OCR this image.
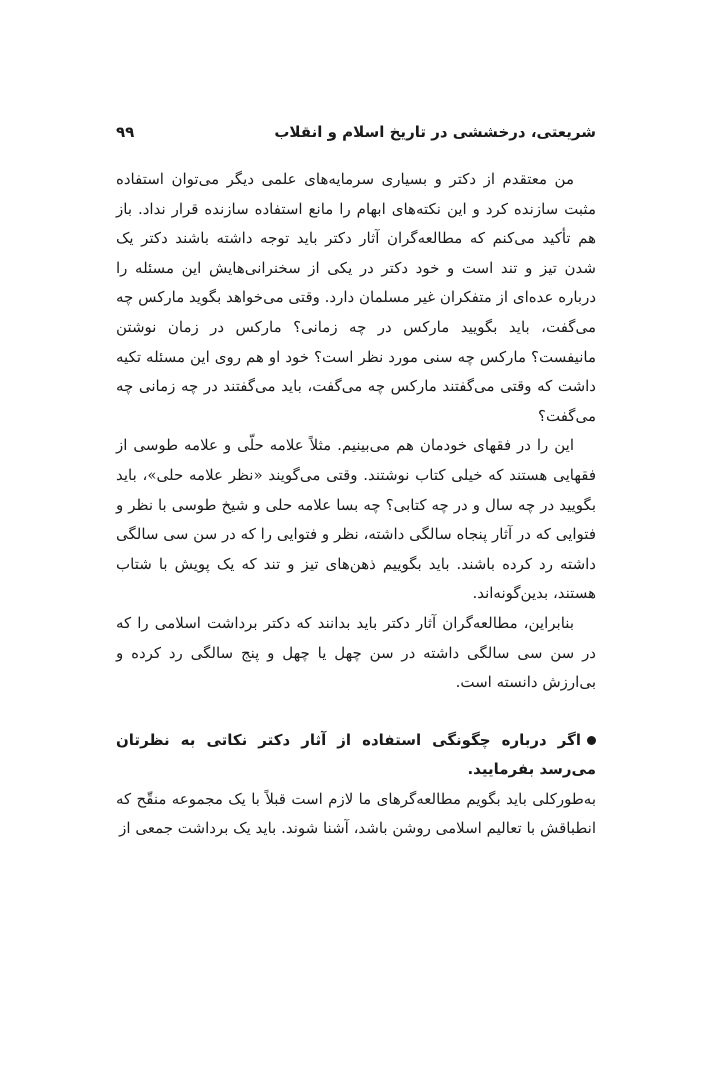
شریعتی، درخششی در تاریخ اسلام و انقلاب
۹۹

من معتقدم از دکتر و بسیاری سرمایه‌های علمی دیگر می‌توان استفاده مثبت سازنده کرد و این نکته‌های ابهام را مانع استفاده سازنده قرار نداد. باز هم تأکید می‌کنم که مطالعه‌گران آثار دکتر باید توجه داشته باشند دکتر یک شدن تیز و تند است و خود دکتر در یکی از سخنرانی‌هایش این مسئله را درباره عده‌ای از متفکران غیر مسلمان دارد. وقتی می‌خواهد بگوید مارکس چه می‌گفت، باید بگویید مارکس در چه زمانی؟ مارکس در زمان نوشتن مانیفست؟ مارکس چه سنی مورد نظر است؟ خود او هم روی این مسئله تکیه داشت که وقتی می‌گفتند مارکس چه می‌گفت، باید می‌گفتند در چه زمانی چه می‌گفت؟

این را در فقهای خودمان هم می‌بینیم. مثلاً علامه حلّی و علامه طوسی از فقهایی هستند که خیلی کتاب نوشتند. وقتی می‌گویند «نظر علامه حلی»، باید بگویید در چه سال و در چه کتابی؟ چه بسا علامه حلی و شیخ طوسی با نظر و فتوایی که در آثار پنجاه سالگی داشته، نظر و فتوایی را که در سن سی سالگی داشته رد کرده باشند. باید بگوییم ذهن‌های تیز و تند که یک پویش با شتاب هستند، بدین‌گونه‌اند.

بنابراین، مطالعه‌گران آثار دکتر باید بدانند که دکتر برداشت اسلامی را که در سن سی سالگی داشته در سن چهل یا چهل و پنج سالگی رد کرده و بی‌ارزش دانسته است.

اگر درباره چگونگی استفاده از آثار دکتر نکاتی به نظرتان می‌رسد بفرمایید.

به‌طورکلی باید بگویم مطالعه‌گرهای ما لازم است قبلاً با یک مجموعه منقّح که انطباقش با تعالیم اسلامی روشن باشد، آشنا شوند. باید یک برداشت جمعی از
